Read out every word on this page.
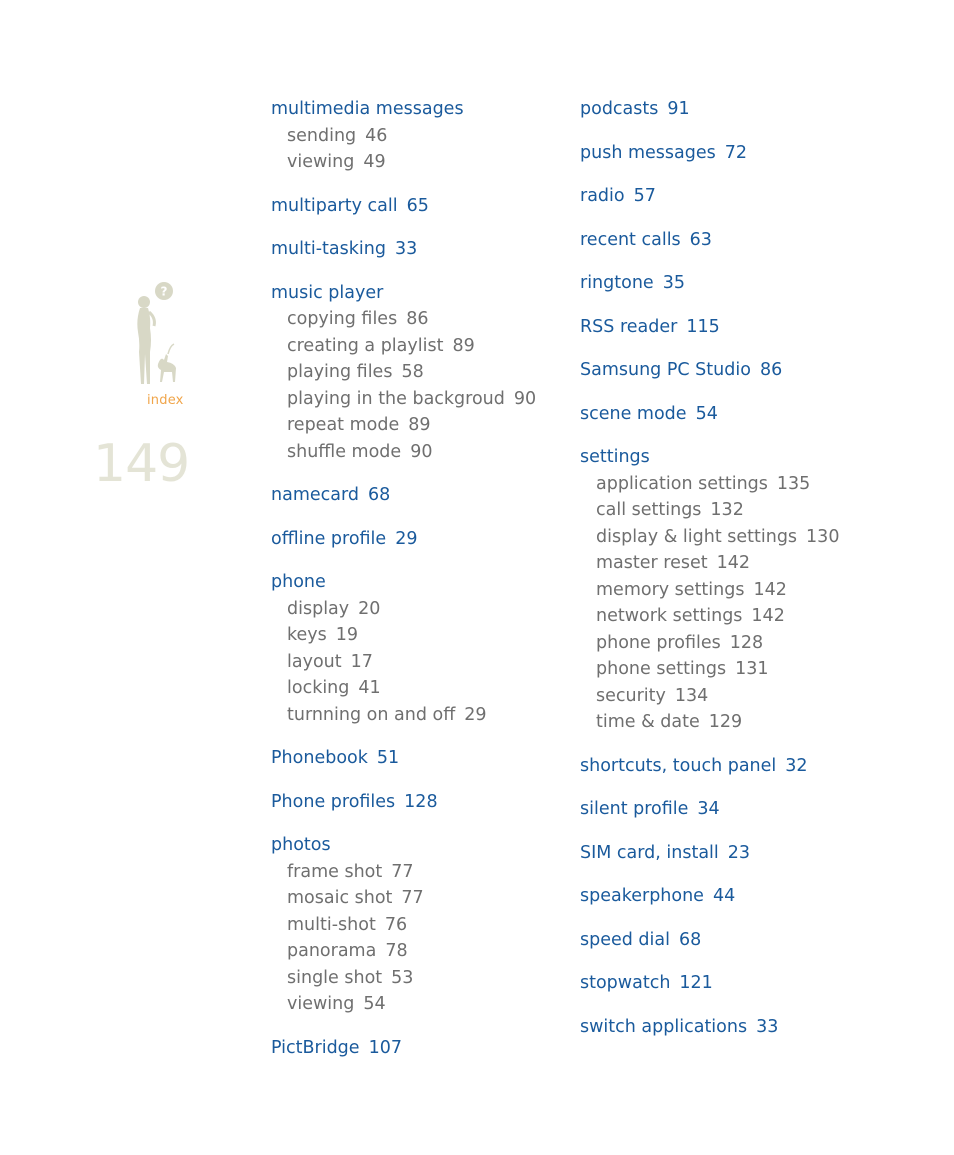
?
index
149
multimedia messages
sending 46
viewing 49
multiparty call 65
multi-tasking 33
music player
copying files 86
creating a playlist 89
playing files 58
playing in the backgroud 90
repeat mode 89
shuffle mode 90
namecard 68
offline profile 29
phone
display 20
keys 19
layout 17
locking 41
turnning on and off 29
Phonebook 51
Phone profiles 128
photos
frame shot 77
mosaic shot 77
multi-shot 76
panorama 78
single shot 53
viewing 54
PictBridge 107
podcasts 91
push messages 72
radio 57
recent calls 63
ringtone 35
RSS reader 115
Samsung PC Studio 86
scene mode 54
settings
application settings 135
call settings 132
display & light settings 130
master reset 142
memory settings 142
network settings 142
phone profiles 128
phone settings 131
security 134
time & date 129
shortcuts, touch panel 32
silent profile 34
SIM card, install 23
speakerphone 44
speed dial 68
stopwatch 121
switch applications 33
